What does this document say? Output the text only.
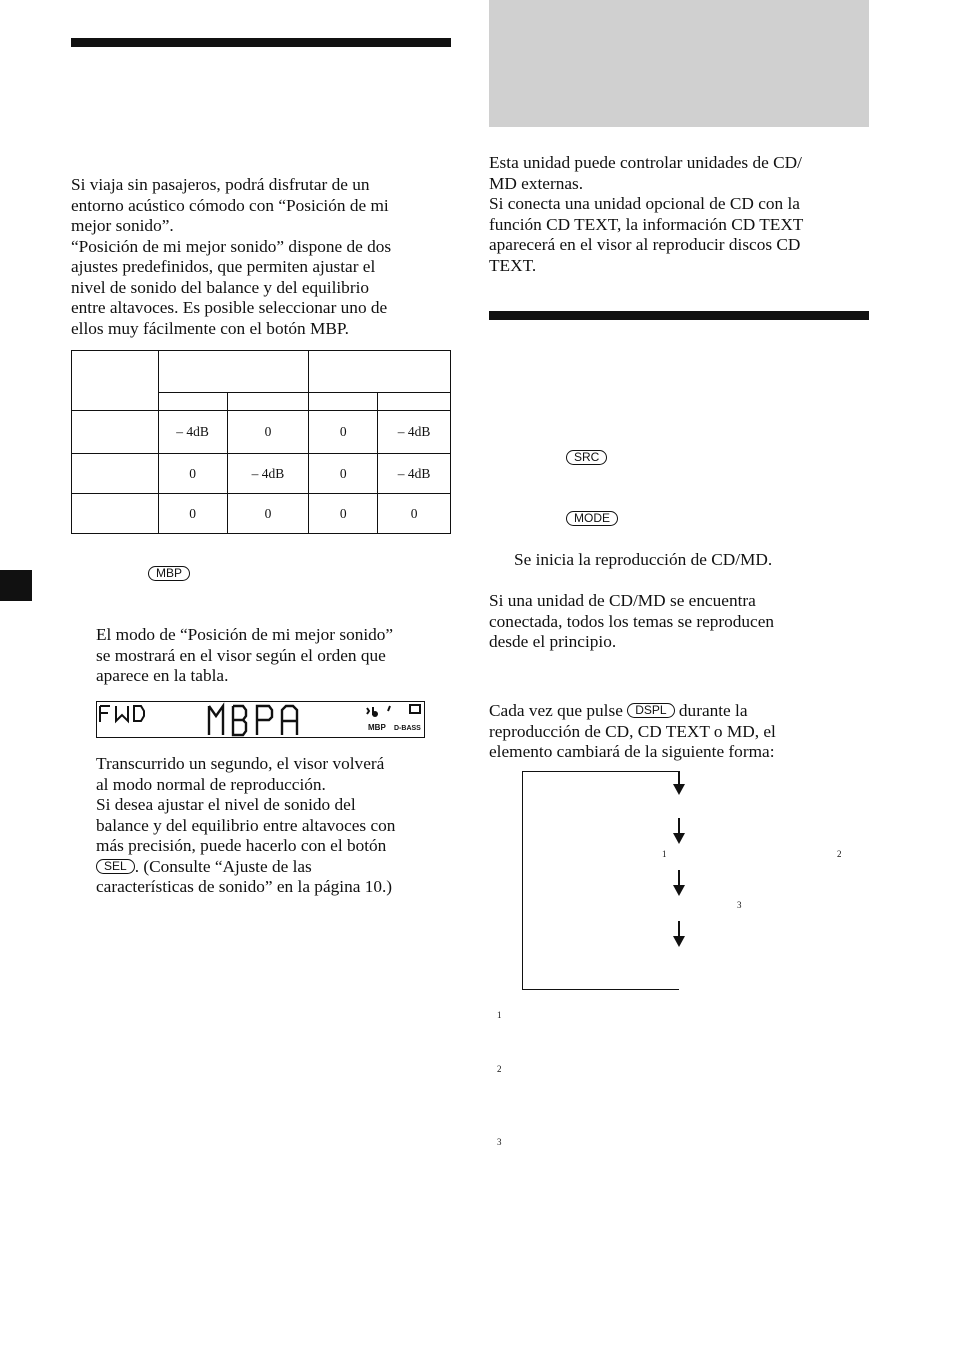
Si viaja sin pasajeros, podrá disfrutar de un
entorno acústico cómodo con “Posición de mi
mejor sonido”.
“Posición de mi mejor sonido” dispone de dos
ajustes predefinidos, que permiten ajustar el
nivel de sonido del balance y del equilibrio
entre altavoces. Es posible seleccionar uno de
ellos muy fácilmente con el botón MBP.

	– 4dB	0	0	– 4dB
	0	– 4dB	0	– 4dB
	0	0	0	0
MBP
El modo de “Posición de mi mejor sonido”
se mostrará en el visor según el orden que
aparece en la tabla.
MBP D-BASS
Transcurrido un segundo, el visor volverá
al modo normal de reproducción.
Si desea ajustar el nivel de sonido del
balance y del equilibrio entre altavoces con
más precisión, puede hacerlo con el botón
SEL . (Consulte “Ajuste de las
características de sonido” en la página 10.)
Esta unidad puede controlar unidades de CD/
MD externas.
Si conecta una unidad opcional de CD con la
función CD TEXT, la información CD TEXT
aparecerá en el visor al reproducir discos CD
TEXT.
SRC
MODE
Se inicia la reproducción de CD/MD.
Si una unidad de CD/MD se encuentra
conectada, todos los temas se reproducen
desde el principio.
Cada vez que pulse DSPL durante la
reproducción de CD, CD TEXT o MD, el
elemento cambiará de la siguiente forma:
1	2
3
1
2
3
